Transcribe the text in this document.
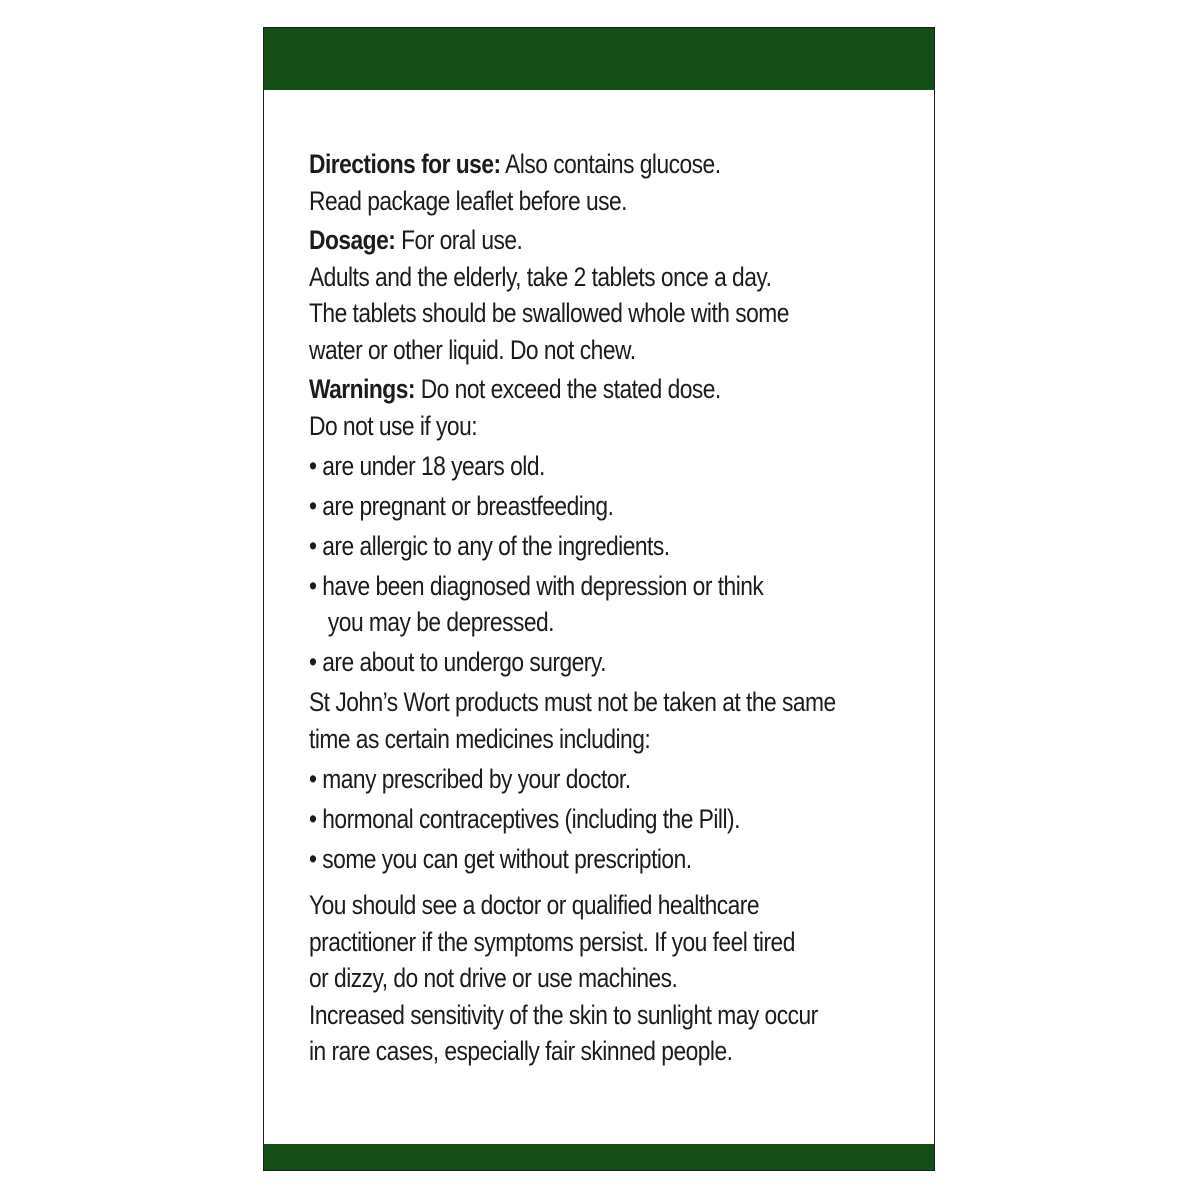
Directions for use: Also contains glucose.
Read package leaflet before use.
Dosage: For oral use.
Adults and the elderly, take 2 tablets once a day.
The tablets should be swallowed whole with some
water or other liquid. Do not chew.
Warnings: Do not exceed the stated dose.
Do not use if you:
• are under 18 years old.
• are pregnant or breastfeeding.
• are allergic to any of the ingredients.
• have been diagnosed with depression or think
you may be depressed.
• are about to undergo surgery.
St John’s Wort products must not be taken at the same
time as certain medicines including:
• many prescribed by your doctor.
• hormonal contraceptives (including the Pill).
• some you can get without prescription.
You should see a doctor or qualified healthcare
practitioner if the symptoms persist. If you feel tired
or dizzy, do not drive or use machines.
Increased sensitivity of the skin to sunlight may occur
in rare cases, especially fair skinned people.
